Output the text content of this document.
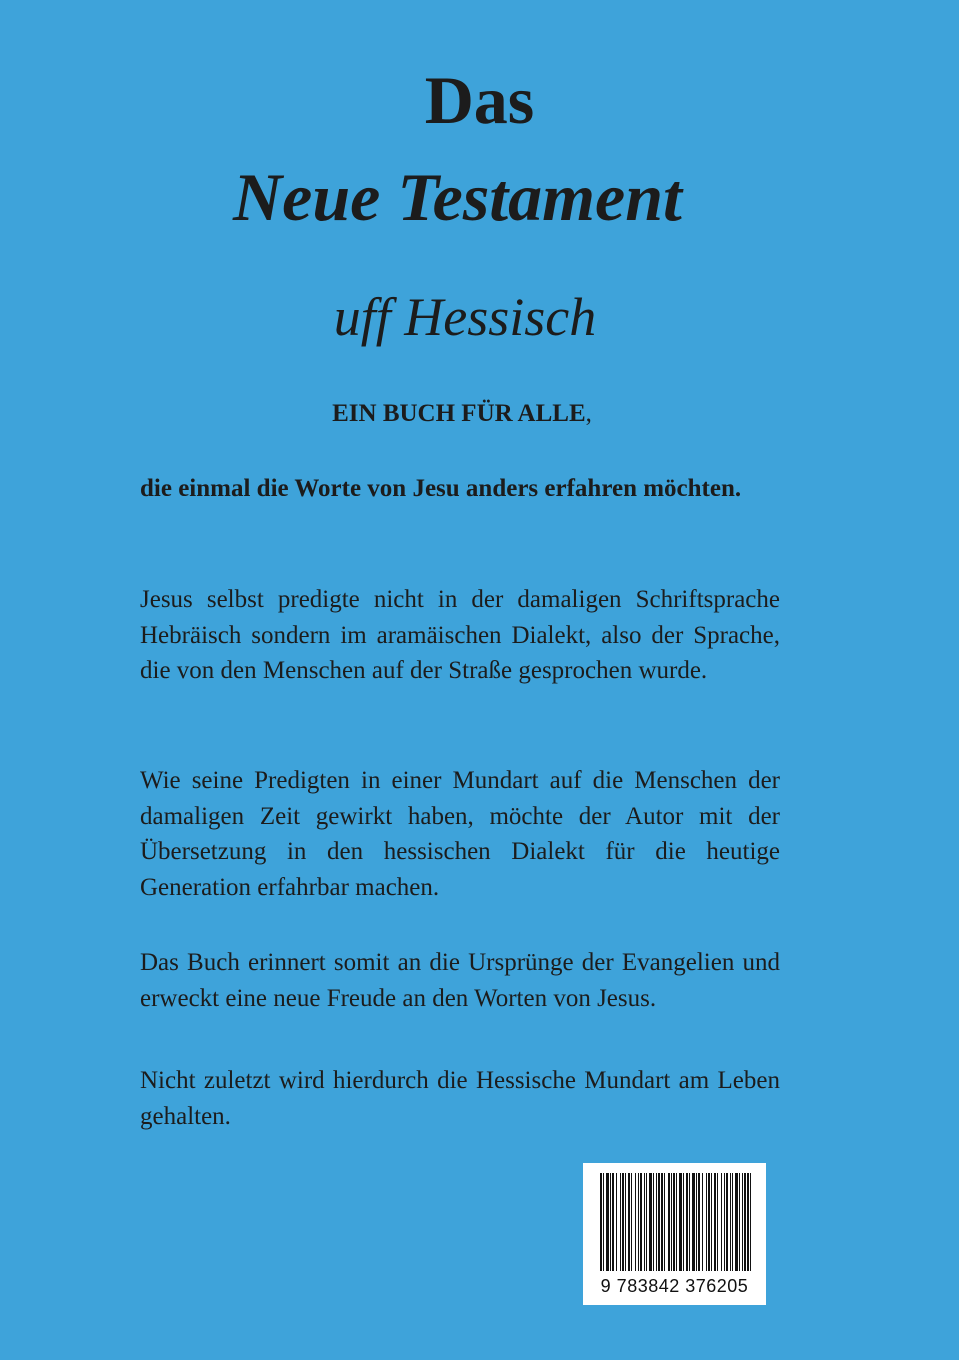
Das
Neue Testament
uff Hessisch
EIN BUCH FÜR ALLE,

die einmal die Worte von Jesu anders erfahren möchten.

Jesus selbst predigte nicht in der damaligen Schriftsprache Hebräisch sondern im aramäischen Dialekt, also der Sprache, die von den Menschen auf der Straße gesprochen wurde.

Wie seine Predigten in einer Mundart auf die Menschen der damaligen Zeit gewirkt haben, möchte der Autor mit der Übersetzung in den hessischen Dialekt für die heutige Generation erfahrbar machen.

Das Buch erinnert somit an die Ursprünge der Evangelien und erweckt eine neue Freude an den Worten von Jesus.

Nicht zuletzt wird hierdurch die Hessische Mundart am Leben gehalten.

9 783842 376205
